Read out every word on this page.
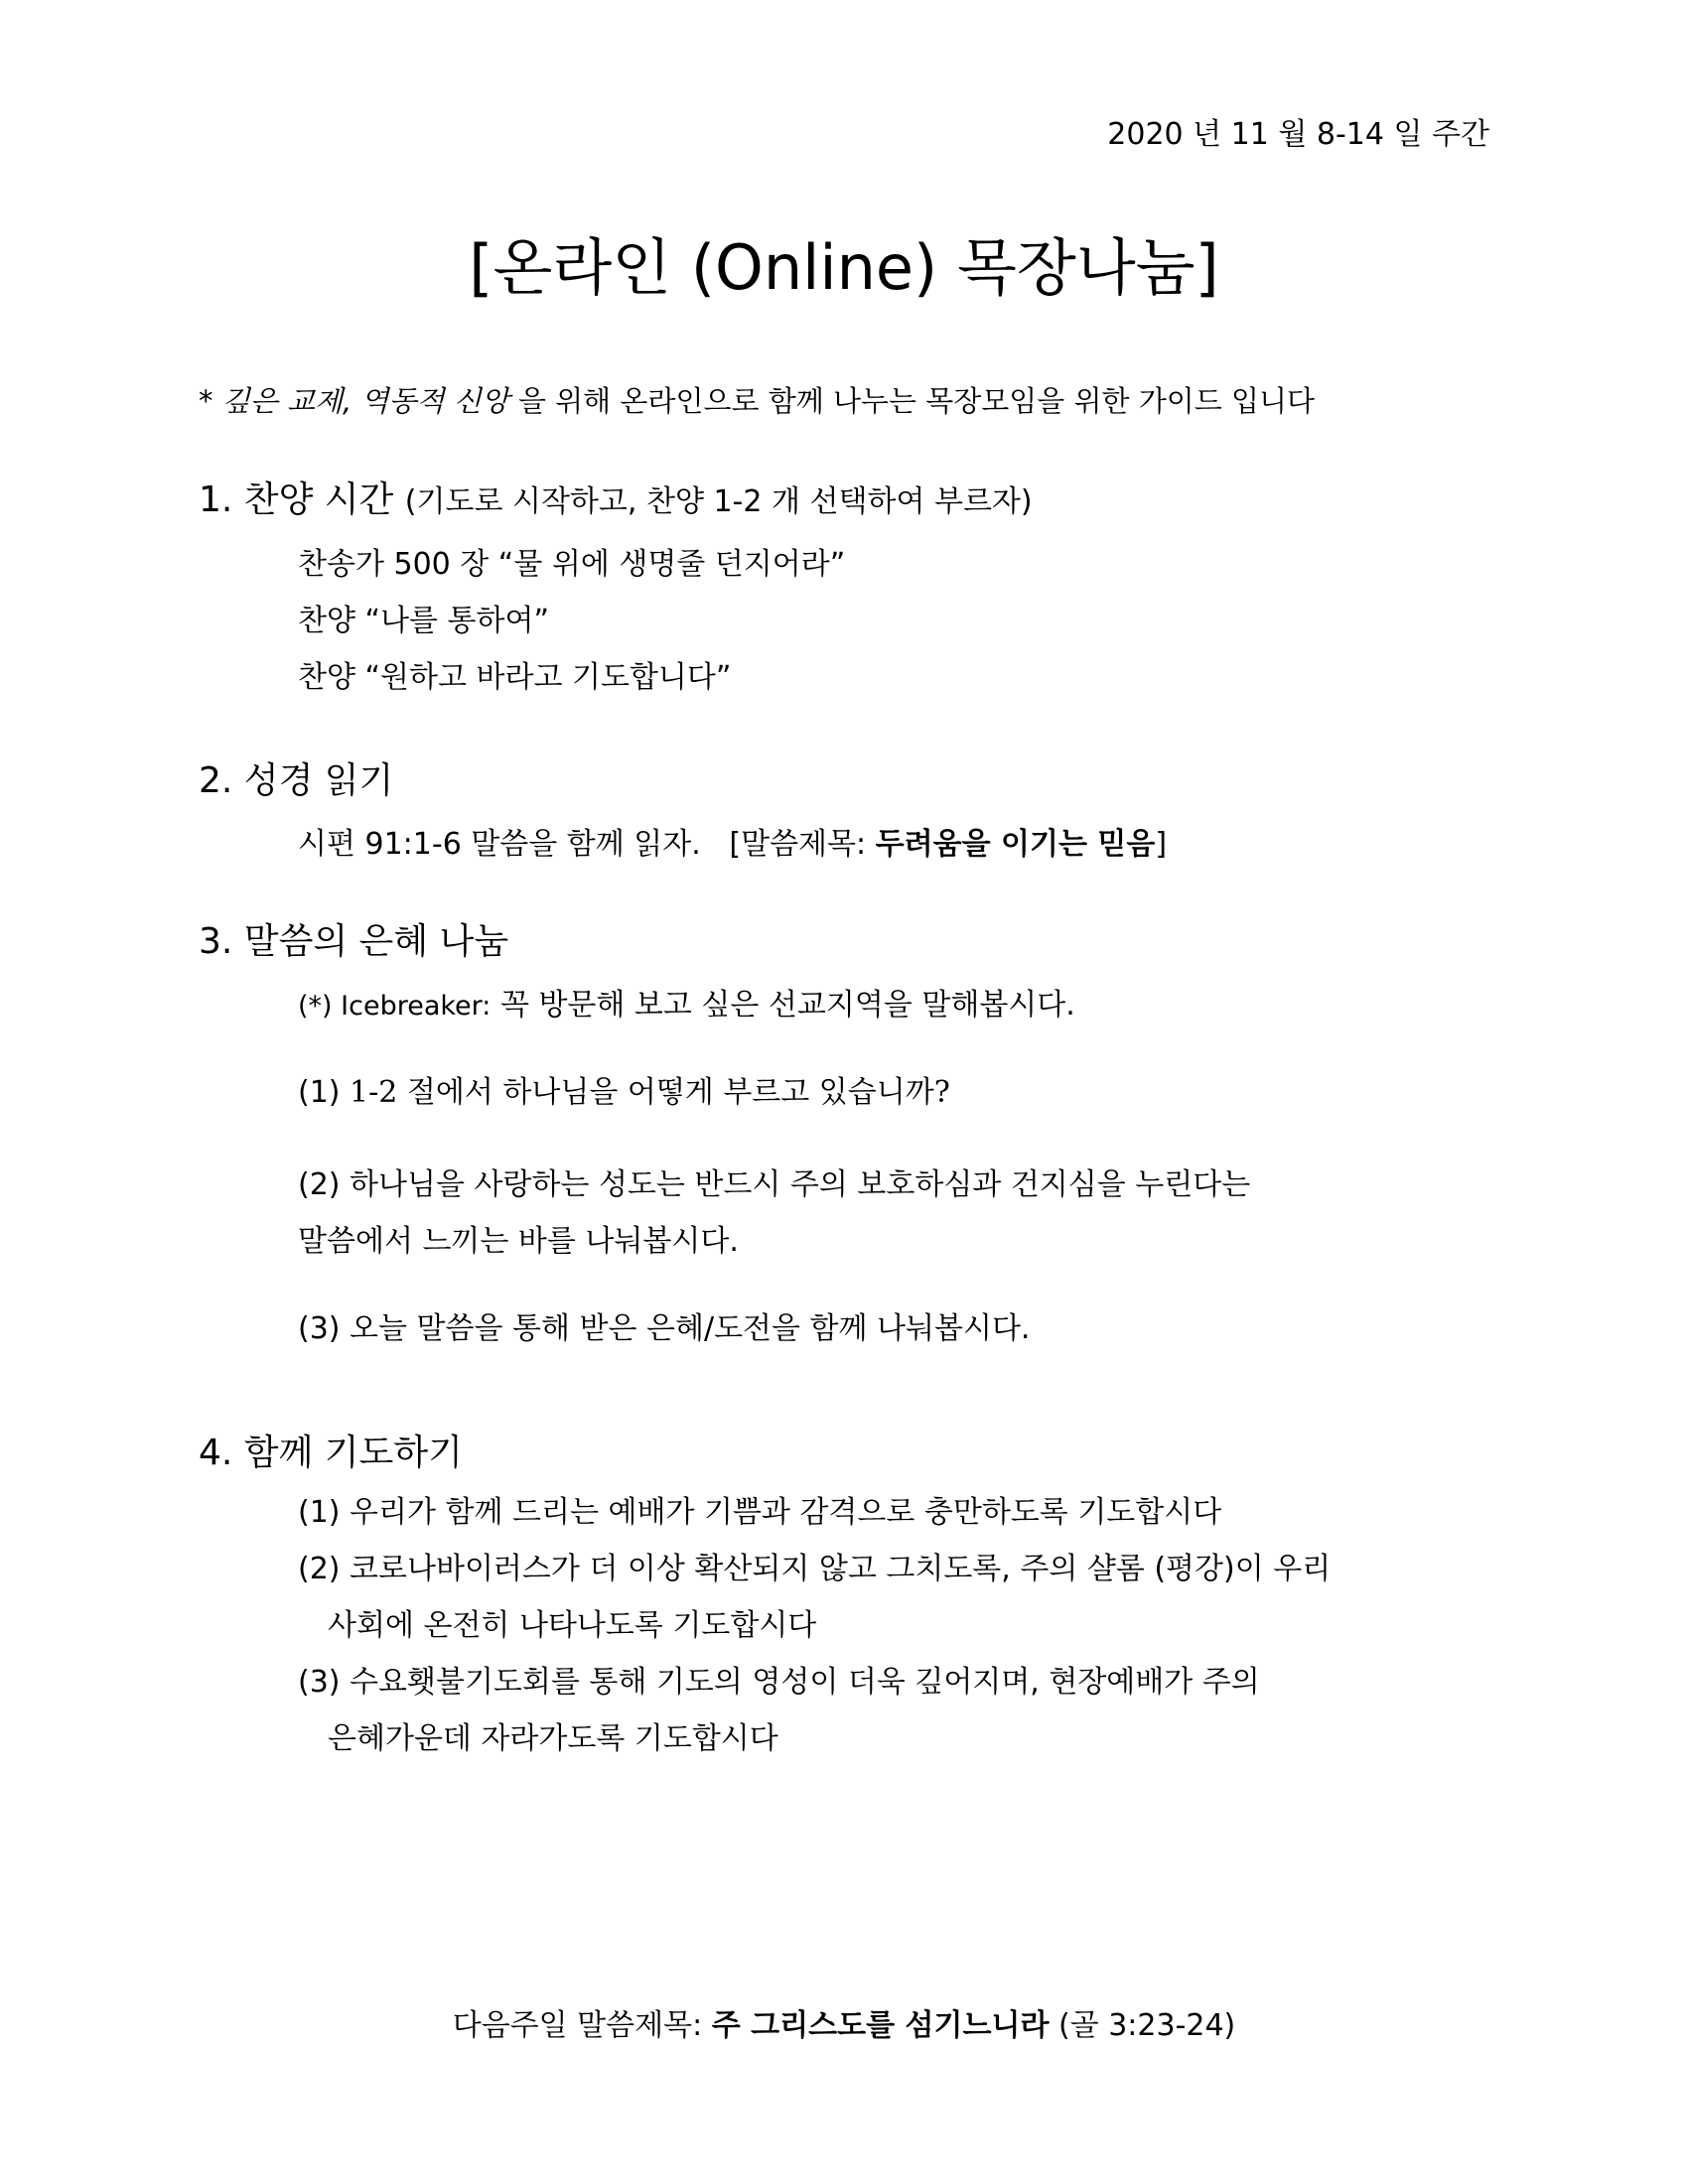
2020 년 11 월 8-14 일 주간
[온라인 (Online) 목장나눔]
* 깊은 교제, 역동적 신앙 을 위해 온라인으로 함께 나누는 목장모임을 위한 가이드 입니다
1. 찬양 시간 (기도로 시작하고, 찬양 1-2 개 선택하여 부르자)
찬송가 500 장 “물 위에 생명줄 던지어라”
찬양 “나를 통하여”
찬양 “원하고 바라고 기도합니다”
2. 성경 읽기
시편 91:1-6 말씀을 함께 읽자. [말씀제목: 두려움을 이기는 믿음]
3. 말씀의 은혜 나눔
(*) Icebreaker: 꼭 방문해 보고 싶은 선교지역을 말해봅시다.
(1) 1-2 절에서 하나님을 어떻게 부르고 있습니까?
(2) 하나님을 사랑하는 성도는 반드시 주의 보호하심과 건지심을 누린다는
말씀에서 느끼는 바를 나눠봅시다.
(3) 오늘 말씀을 통해 받은 은혜/도전을 함께 나눠봅시다.
4. 함께 기도하기
(1) 우리가 함께 드리는 예배가 기쁨과 감격으로 충만하도록 기도합시다
(2) 코로나바이러스가 더 이상 확산되지 않고 그치도록, 주의 샬롬 (평강)이 우리
사회에 온전히 나타나도록 기도합시다
(3) 수요횃불기도회를 통해 기도의 영성이 더욱 깊어지며, 현장예배가 주의
은혜가운데 자라가도록 기도합시다
다음주일 말씀제목: 주 그리스도를 섬기느니라 (골 3:23-24)
